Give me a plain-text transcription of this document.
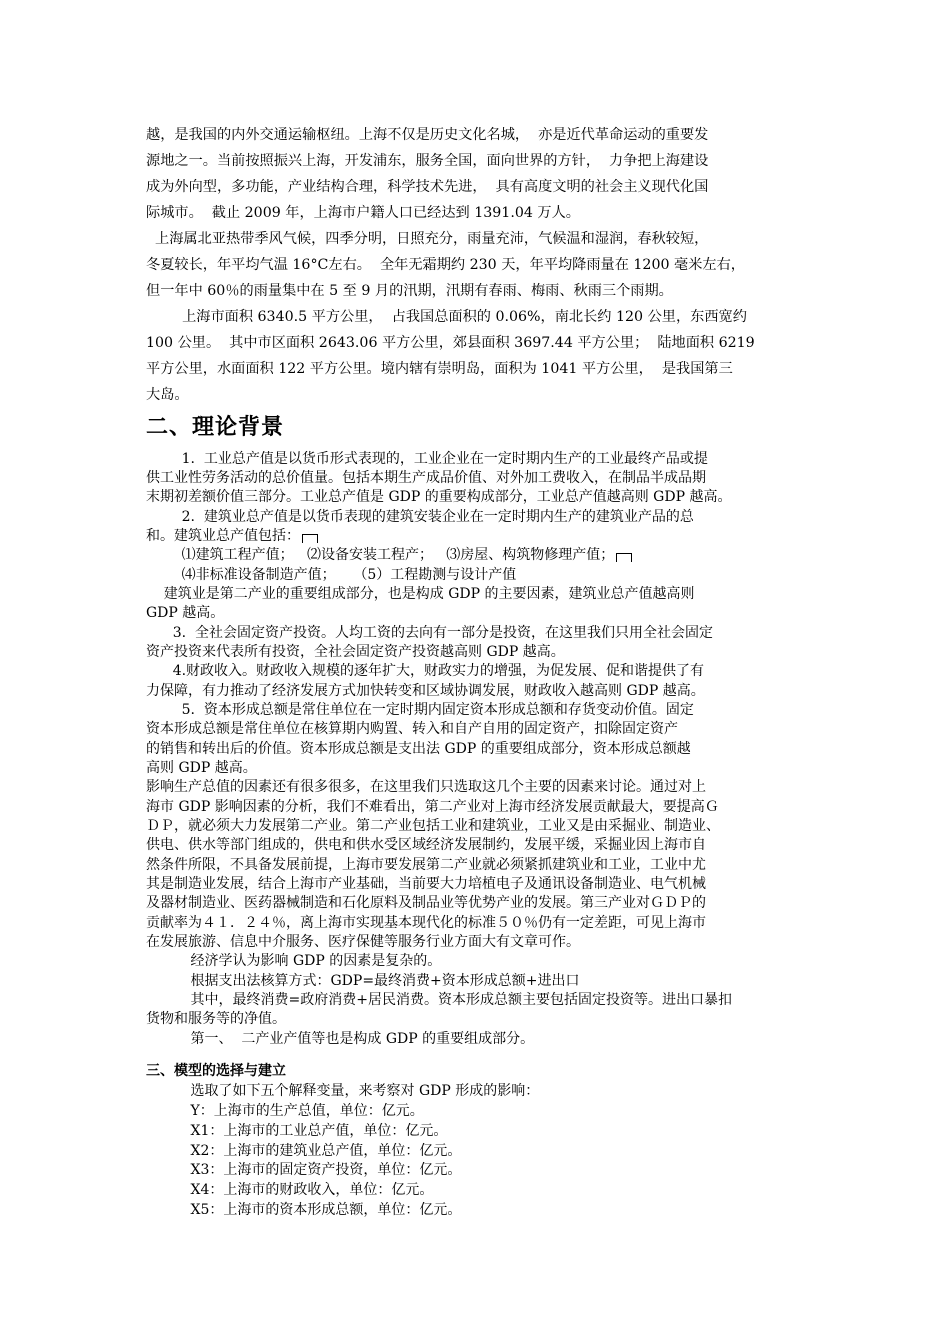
越，是我国的内外交通运输枢纽。上海不仅是历史文化名城，  亦是近代革命运动的重要发
源地之一。当前按照振兴上海，开发浦东，服务全国，面向世界的方针，  力争把上海建设
成为外向型，多功能，产业结构合理，科学技术先进，  具有高度文明的社会主义现代化国
际城市。  截止 2009 年，上海市户籍人口已经达到 1391.04 万人。
上海属北亚热带季风气候，四季分明，日照充分，雨量充沛，气候温和湿润，春秋较短，
冬夏较长，年平均气温 16°C左右。  全年无霜期约 230 天，年平均降雨量在 1200 毫米左右，
但一年中 60％的雨量集中在 5 至 9 月的汛期，汛期有春雨、梅雨、秋雨三个雨期。
上海市面积 6340.5 平方公里，  占我国总面积的 0.06%，南北长约 120 公里，东西宽约
100 公里。  其中市区面积 2643.06 平方公里，郊县面积 3697.44 平方公里；  陆地面积 6219
平方公里，水面面积 122 平方公里。境内辖有崇明岛，面积为 1041 平方公里，  是我国第三
大岛。
二、理论背景
1.  工业总产值是以货币形式表现的，工业企业在一定时期内生产的工业最终产品或提
供工业性劳务活动的总价值量。包括本期生产成品价值、对外加工费收入，在制品半成品期
末期初差额价值三部分。工业总产值是 GDP 的重要构成部分，工业总产值越高则 GDP 越高。
2.  建筑业总产值是以货币表现的建筑安装企业在一定时期内生产的建筑业产品的总
和。建筑业总产值包括：
⑴建筑工程产值；   ⑵设备安装工程产；   ⑶房屋、构筑物修理产值；
⑷非标准设备制造产值；    （5）工程勘测与设计产值
建筑业是第二产业的重要组成部分，也是构成 GDP 的主要因素，建筑业总产值越高则
GDP 越高。
3.  全社会固定资产投资。人均工资的去向有一部分是投资，在这里我们只用全社会固定
资产投资来代表所有投资，全社会固定资产投资越高则 GDP 越高。
4.财政收入。财政收入规模的逐年扩大，财政实力的增强，为促发展、促和谐提供了有
力保障，有力推动了经济发展方式加快转变和区域协调发展，财政收入越高则 GDP 越高。
5.  资本形成总额是常住单位在一定时期内固定资本形成总额和存货变动价值。固定
资本形成总额是常住单位在核算期内购置、转入和自产自用的固定资产，扣除固定资产
的销售和转出后的价值。资本形成总额是支出法 GDP 的重要组成部分，资本形成总额越
高则 GDP 越高。
影响生产总值的因素还有很多很多，在这里我们只选取这几个主要的因素来讨论。通过对上
海市 GDP 影响因素的分析，我们不难看出，第二产业对上海市经济发展贡献最大，要提高Ｇ
ＤＰ，就必须大力发展第二产业。第二产业包括工业和建筑业，工业又是由采掘业、制造业、
供电、供水等部门组成的，供电和供水受区域经济发展制约，发展平缓，采掘业因上海市自
然条件所限，不具备发展前提，上海市要发展第二产业就必须紧抓建筑业和工业，工业中尤
其是制造业发展，结合上海市产业基础，当前要大力培植电子及通讯设备制造业、电气机械
及器材制造业、医药器械制造和石化原料及制品业等优势产业的发展。第三产业对ＧＤＰ的
贡献率为４１．２４％，离上海市实现基本现代化的标准５０％仍有一定差距，可见上海市
在发展旅游、信息中介服务、医疗保健等服务行业方面大有文章可作。
经济学认为影响 GDP 的因素是复杂的。
根据支出法核算方式：GDP=最终消费+资本形成总额+进出口
其中，最终消费=政府消费+居民消费。资本形成总额主要包括固定投资等。进出口暴扣
货物和服务等的净值。
第一、  二产业产值等也是构成 GDP 的重要组成部分。
三、模型的选择与建立
选取了如下五个解释变量，来考察对 GDP 形成的影响：
Y：上海市的生产总值，单位：亿元。
X1：上海市的工业总产值，单位：亿元。
X2：上海市的建筑业总产值，单位：亿元。
X3：上海市的固定资产投资，单位：亿元。
X4：上海市的财政收入，单位：亿元。
X5：上海市的资本形成总额，单位：亿元。
